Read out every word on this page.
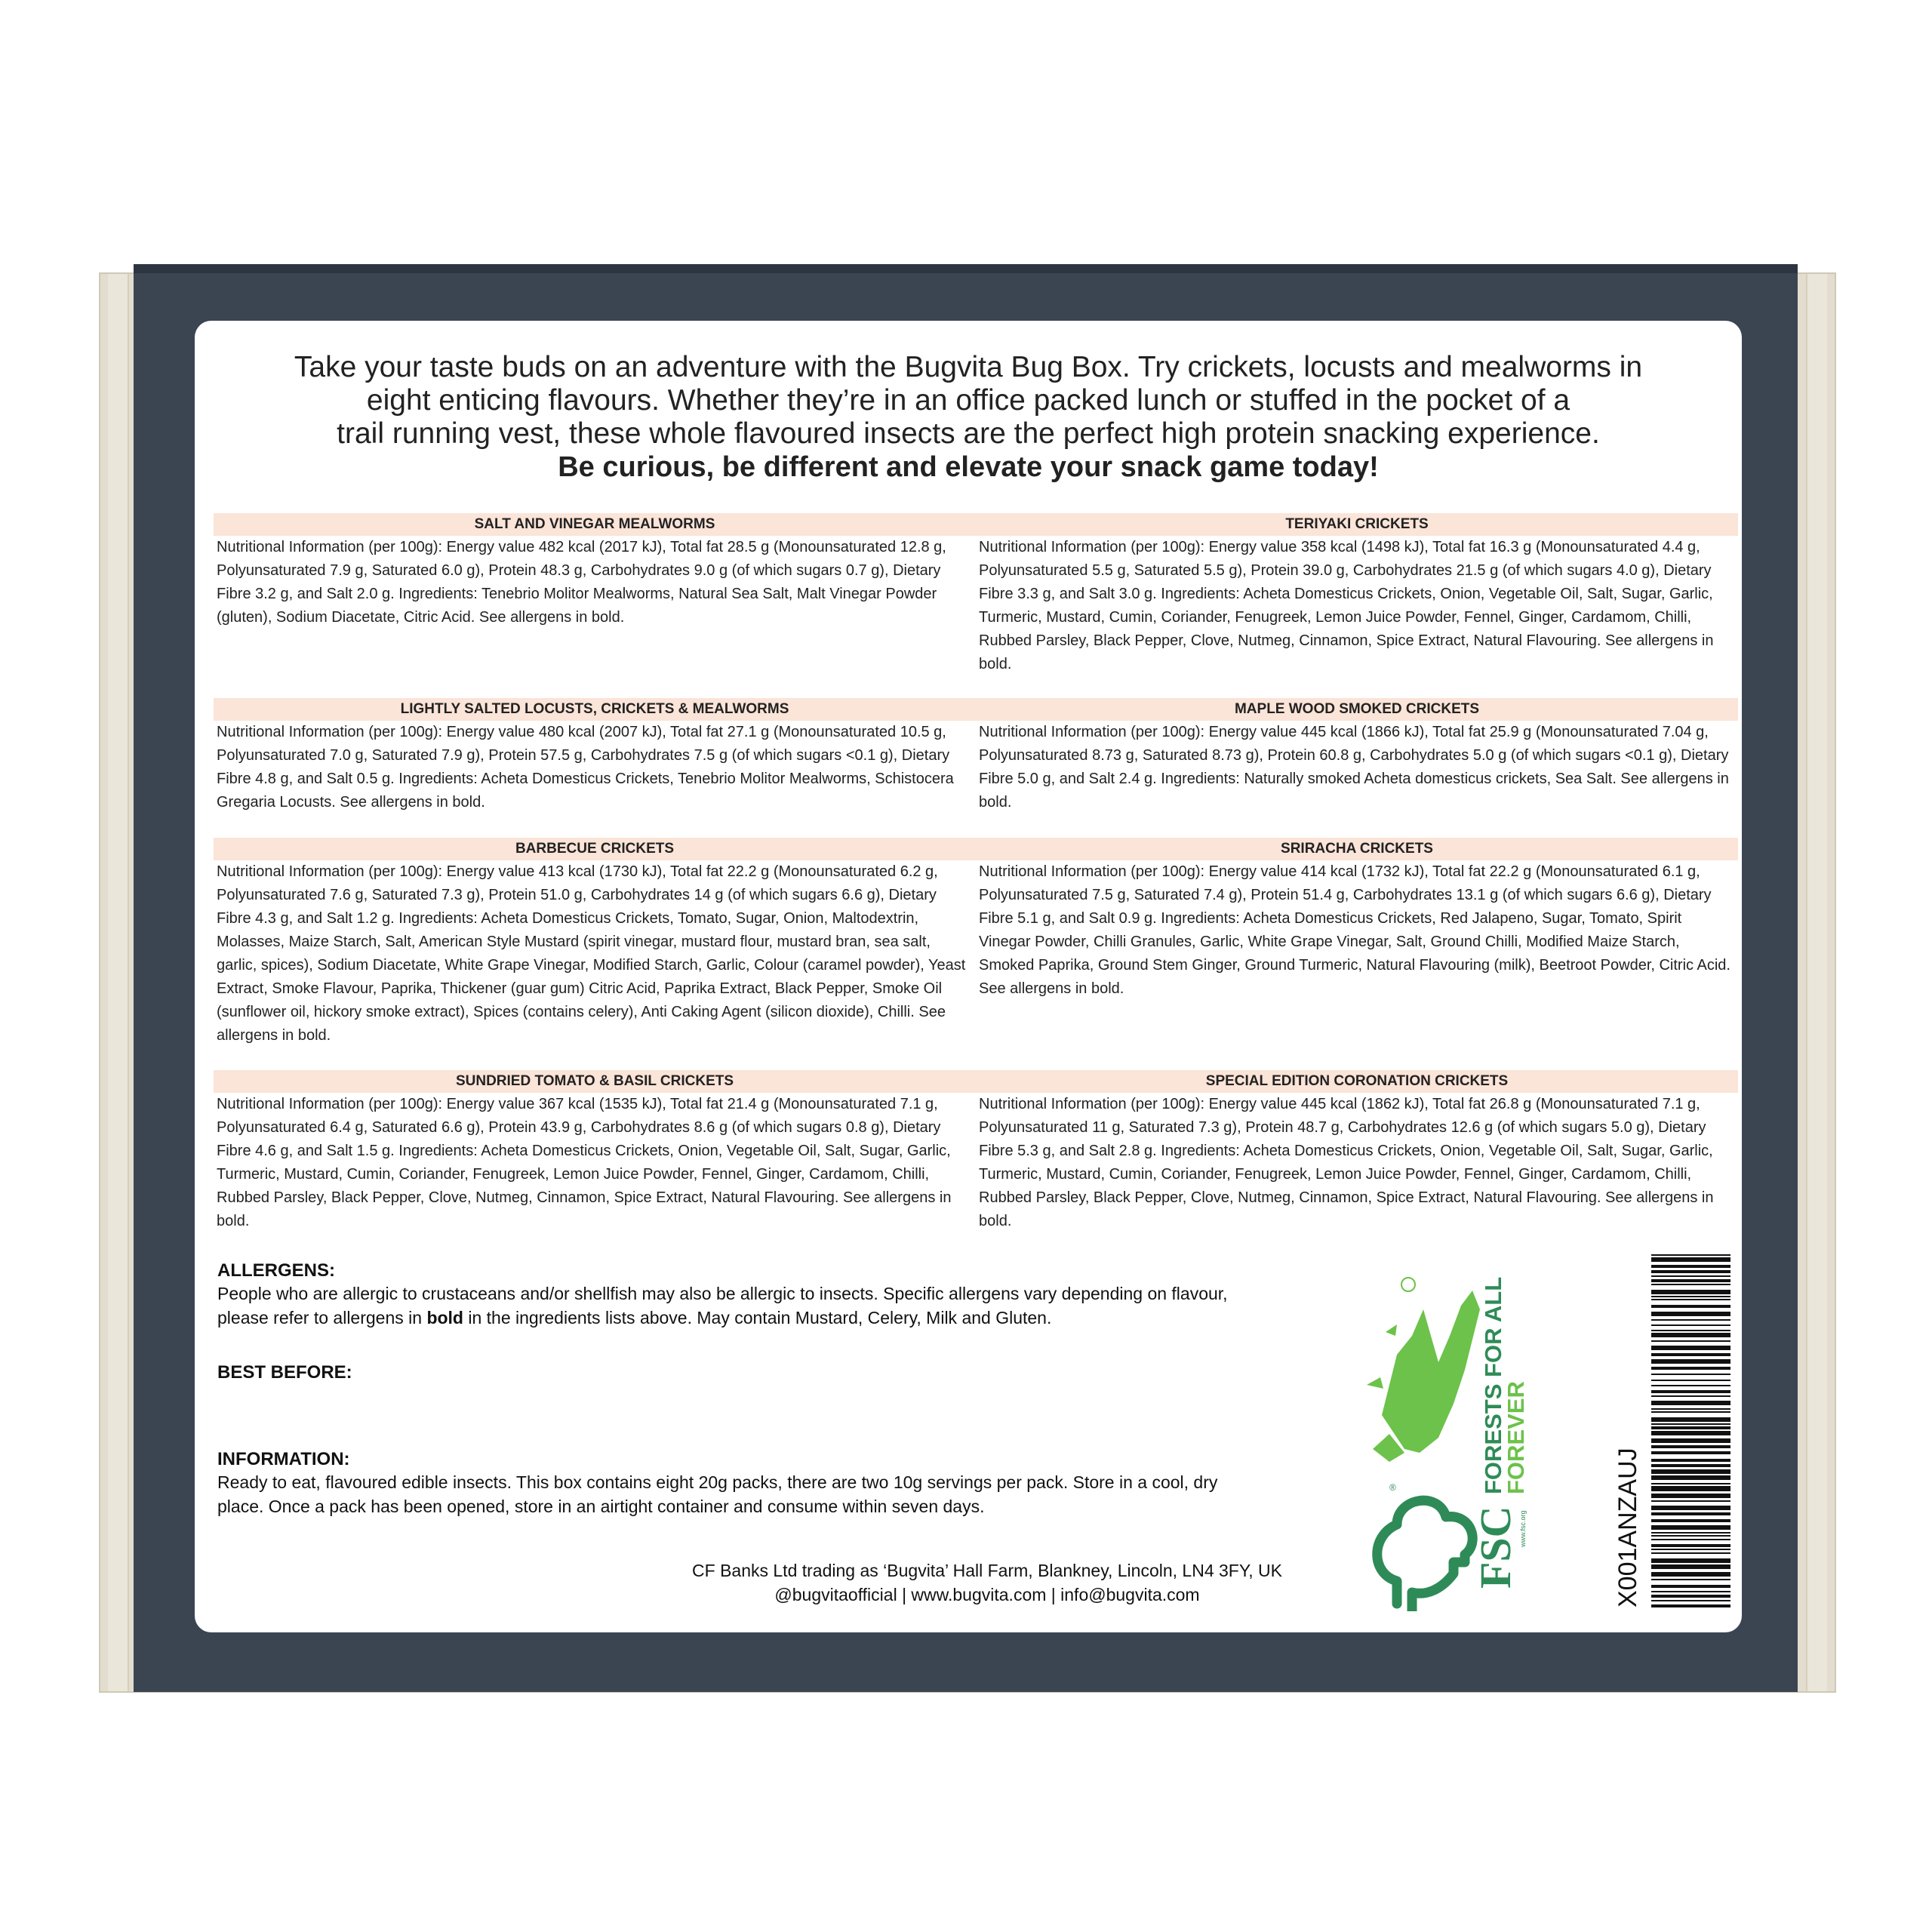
Take your taste buds on an adventure with the Bugvita Bug Box. Try crickets, locusts and mealworms in
eight enticing flavours. Whether they’re in an office packed lunch or stuffed in the pocket of a
trail running vest, these whole flavoured insects are the perfect high protein snacking experience.
Be curious, be different and elevate your snack game today!
SALT AND VINEGAR MEALWORMS
Nutritional Information (per 100g): Energy value 482 kcal (2017 kJ), Total fat 28.5 g (Monounsaturated 12.8 g, Polyunsaturated 7.9 g, Saturated 6.0 g), Protein 48.3 g, Carbohydrates 9.0 g (of which sugars 0.7 g), Dietary Fibre 3.2 g, and Salt 2.0 g. Ingredients: Tenebrio Molitor Mealworms, Natural Sea Salt, Malt Vinegar Powder (gluten), Sodium Diacetate, Citric Acid. See allergens in bold.
TERIYAKI CRICKETS
Nutritional Information (per 100g): Energy value 358 kcal (1498 kJ), Total fat 16.3 g (Monounsaturated 4.4 g, Polyunsaturated 5.5 g, Saturated 5.5 g), Protein 39.0 g, Carbohydrates 21.5 g (of which sugars 4.0 g), Dietary Fibre 3.3 g, and Salt 3.0 g. Ingredients: Acheta Domesticus Crickets, Onion, Vegetable Oil, Salt, Sugar, Garlic, Turmeric, Mustard, Cumin, Coriander, Fenugreek, Lemon Juice Powder, Fennel, Ginger, Cardamom, Chilli, Rubbed Parsley, Black Pepper, Clove, Nutmeg, Cinnamon, Spice Extract, Natural Flavouring. See allergens in bold.
LIGHTLY SALTED LOCUSTS, CRICKETS & MEALWORMS
Nutritional Information (per 100g): Energy value 480 kcal (2007 kJ), Total fat 27.1 g (Monounsaturated 10.5 g, Polyunsaturated 7.0 g, Saturated 7.9 g), Protein 57.5 g, Carbohydrates 7.5 g (of which sugars <0.1 g), Dietary Fibre 4.8 g, and Salt 0.5 g. Ingredients: Acheta Domesticus Crickets, Tenebrio Molitor Mealworms, Schistocera Gregaria Locusts. See allergens in bold.
MAPLE WOOD SMOKED CRICKETS
Nutritional Information (per 100g): Energy value 445 kcal (1866 kJ), Total fat 25.9 g (Monounsaturated 7.04 g, Polyunsaturated 8.73 g, Saturated 8.73 g), Protein 60.8 g, Carbohydrates 5.0 g (of which sugars <0.1 g), Dietary Fibre 5.0 g, and Salt 2.4 g. Ingredients: Naturally smoked Acheta domesticus crickets, Sea Salt. See allergens in bold.
BARBECUE CRICKETS
Nutritional Information (per 100g): Energy value 413 kcal (1730 kJ), Total fat 22.2 g (Monounsaturated 6.2 g, Polyunsaturated 7.6 g, Saturated 7.3 g), Protein 51.0 g, Carbohydrates 14 g (of which sugars 6.6 g), Dietary Fibre 4.3 g, and Salt 1.2 g. Ingredients: Acheta Domesticus Crickets, Tomato, Sugar, Onion, Maltodextrin, Molasses, Maize Starch, Salt, American Style Mustard (spirit vinegar, mustard flour, mustard bran, sea salt, garlic, spices), Sodium Diacetate, White Grape Vinegar, Modified Starch, Garlic, Colour (caramel powder), Yeast Extract, Smoke Flavour, Paprika, Thickener (guar gum) Citric Acid, Paprika Extract, Black Pepper, Smoke Oil (sunflower oil, hickory smoke extract), Spices (contains celery), Anti Caking Agent (silicon dioxide), Chilli. See allergens in bold.
SRIRACHA CRICKETS
Nutritional Information (per 100g): Energy value 414 kcal (1732 kJ), Total fat 22.2 g (Monounsaturated 6.1 g, Polyunsaturated 7.5 g, Saturated 7.4 g), Protein 51.4 g, Carbohydrates 13.1 g (of which sugars 6.6 g), Dietary Fibre 5.1 g, and Salt 0.9 g. Ingredients: Acheta Domesticus Crickets, Red Jalapeno, Sugar, Tomato, Spirit Vinegar Powder, Chilli Granules, Garlic, White Grape Vinegar, Salt, Ground Chilli, Modified Maize Starch, Smoked Paprika, Ground Stem Ginger, Ground Turmeric, Natural Flavouring (milk), Beetroot Powder, Citric Acid. See allergens in bold.
SUNDRIED TOMATO & BASIL CRICKETS
Nutritional Information (per 100g): Energy value 367 kcal (1535 kJ), Total fat 21.4 g (Monounsaturated 7.1 g, Polyunsaturated 6.4 g, Saturated 6.6 g), Protein 43.9 g, Carbohydrates 8.6 g (of which sugars 0.8 g), Dietary Fibre 4.6 g, and Salt 1.5 g. Ingredients: Acheta Domesticus Crickets, Onion, Vegetable Oil, Salt, Sugar, Garlic, Turmeric, Mustard, Cumin, Coriander, Fenugreek, Lemon Juice Powder, Fennel, Ginger, Cardamom, Chilli, Rubbed Parsley, Black Pepper, Clove, Nutmeg, Cinnamon, Spice Extract, Natural Flavouring. See allergens in bold.
SPECIAL EDITION CORONATION CRICKETS
Nutritional Information (per 100g): Energy value 445 kcal (1862 kJ), Total fat 26.8 g (Monounsaturated 7.1 g, Polyunsaturated 11 g, Saturated 7.3 g), Protein 48.7 g, Carbohydrates 12.6 g (of which sugars 5.0 g), Dietary Fibre 5.3 g, and Salt 2.8 g. Ingredients: Acheta Domesticus Crickets, Onion, Vegetable Oil, Salt, Sugar, Garlic, Turmeric, Mustard, Cumin, Coriander, Fenugreek, Lemon Juice Powder, Fennel, Ginger, Cardamom, Chilli, Rubbed Parsley, Black Pepper, Clove, Nutmeg, Cinnamon, Spice Extract, Natural Flavouring. See allergens in bold.
ALLERGENS:
People who are allergic to crustaceans and/or shellfish may also be allergic to insects. Specific allergens vary depending on flavour,
please refer to allergens in bold in the ingredients lists above. May contain Mustard, Celery, Milk and Gluten.
BEST BEFORE:
INFORMATION:
Ready to eat, flavoured edible insects. This box contains eight 20g packs, there are two 10g servings per pack. Store in a cool, dry
place. Once a pack has been opened, store in an airtight container and consume within seven days.
CF Banks Ltd trading as ‘Bugvita’ Hall Farm, Blankney, Lincoln, LN4 3FY, UK
@bugvitaofficial | www.bugvita.com | info@bugvita.com
®	FORESTS FOR ALL
FOREVER
FSC www.fsc.org	X001ANZAUJ
